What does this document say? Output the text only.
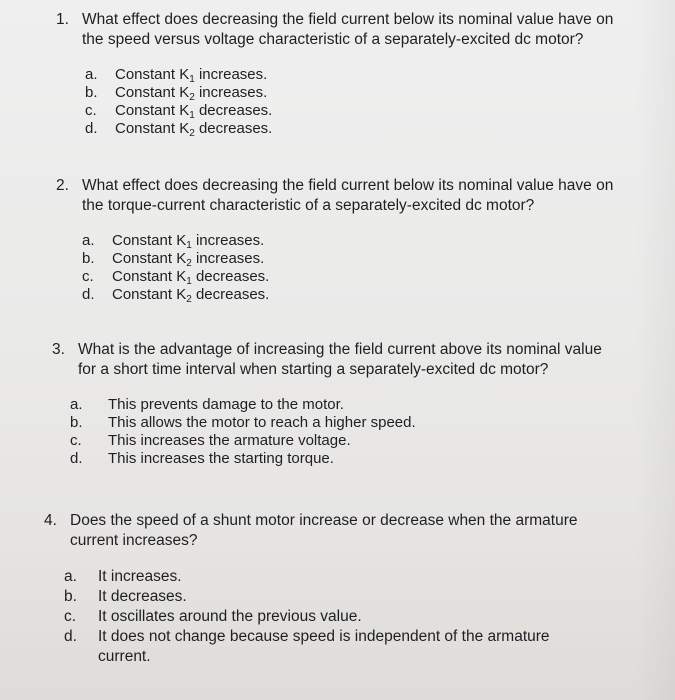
1. What effect does decreasing the field current below its nominal value have on the speed versus voltage characteristic of a separately-excited dc motor?
a.	Constant $K_1$ increases.
b.	Constant $K_2$ increases.
c.	Constant $K_1$ decreases.
d.	Constant $K_2$ decreases.
2. What effect does decreasing the field current below its nominal value have on the torque-current characteristic of a separately-excited dc motor?
a.	Constant $K_1$ increases.
b.	Constant $K_2$ increases.
c.	Constant $K_1$ decreases.
d.	Constant $K_2$ decreases.
3. What is the advantage of increasing the field current above its nominal value for a short time interval when starting a separately-excited dc motor?
a.	This prevents damage to the motor.
b.	This allows the motor to reach a higher speed.
c.	This increases the armature voltage.
d.	This increases the starting torque.
4. Does the speed of a shunt motor increase or decrease when the armature current increases?
a.	It increases.
b.	It decreases.
c.	It oscillates around the previous value.
d.	It does not change because speed is independent of the armature current.
